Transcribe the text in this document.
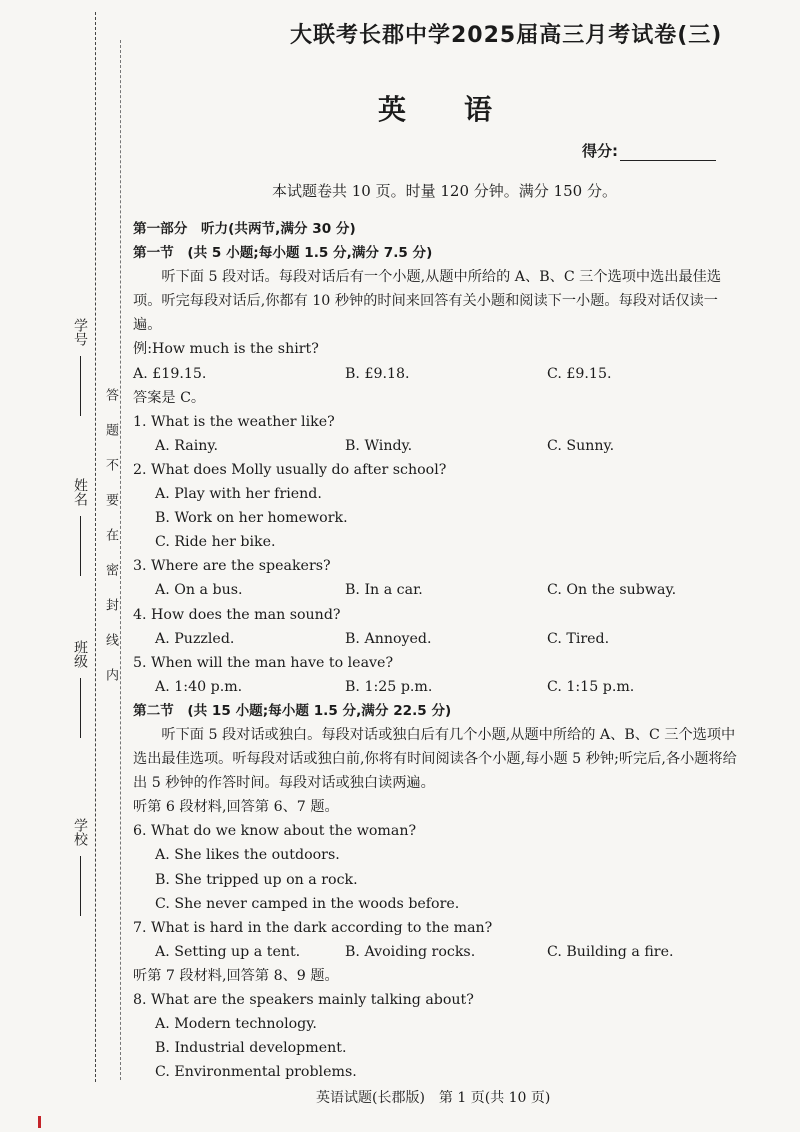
学号
姓名
班级
学校
答题不要在密封线内
大联考长郡中学2025届高三月考试卷(三)
英语
得分:
本试题卷共 10 页。时量 120 分钟。满分 150 分。
第一部分　听力(共两节,满分 30 分)
第一节　(共 5 小题;每小题 1.5 分,满分 7.5 分)
听下面 5 段对话。每段对话后有一个小题,从题中所给的 A、B、C 三个选项中选出最佳选项。听完每段对话后,你都有 10 秒钟的时间来回答有关小题和阅读下一小题。每段对话仅读一遍。
例:How much is the shirt?
A. £19.15.	B. £9.18.	C. £9.15.
答案是 C。
1. What is the weather like?
A. Rainy.	B. Windy.	C. Sunny.
2. What does Molly usually do after school?
A. Play with her friend.
B. Work on her homework.
C. Ride her bike.
3. Where are the speakers?
A. On a bus.	B. In a car.	C. On the subway.
4. How does the man sound?
A. Puzzled.	B. Annoyed.	C. Tired.
5. When will the man have to leave?
A. 1:40 p.m.	B. 1:25 p.m.	C. 1:15 p.m.
第二节　(共 15 小题;每小题 1.5 分,满分 22.5 分)
听下面 5 段对话或独白。每段对话或独白后有几个小题,从题中所给的 A、B、C 三个选项中选出最佳选项。听每段对话或独白前,你将有时间阅读各个小题,每小题 5 秒钟;听完后,各小题将给出 5 秒钟的作答时间。每段对话或独白读两遍。
听第 6 段材料,回答第 6、7 题。
6. What do we know about the woman?
A. She likes the outdoors.
B. She tripped up on a rock.
C. She never camped in the woods before.
7. What is hard in the dark according to the man?
A. Setting up a tent.	B. Avoiding rocks.	C. Building a fire.
听第 7 段材料,回答第 8、9 题。
8. What are the speakers mainly talking about?
A. Modern technology.
B. Industrial development.
C. Environmental problems.
英语试题(长郡版)　第 1 页(共 10 页)
